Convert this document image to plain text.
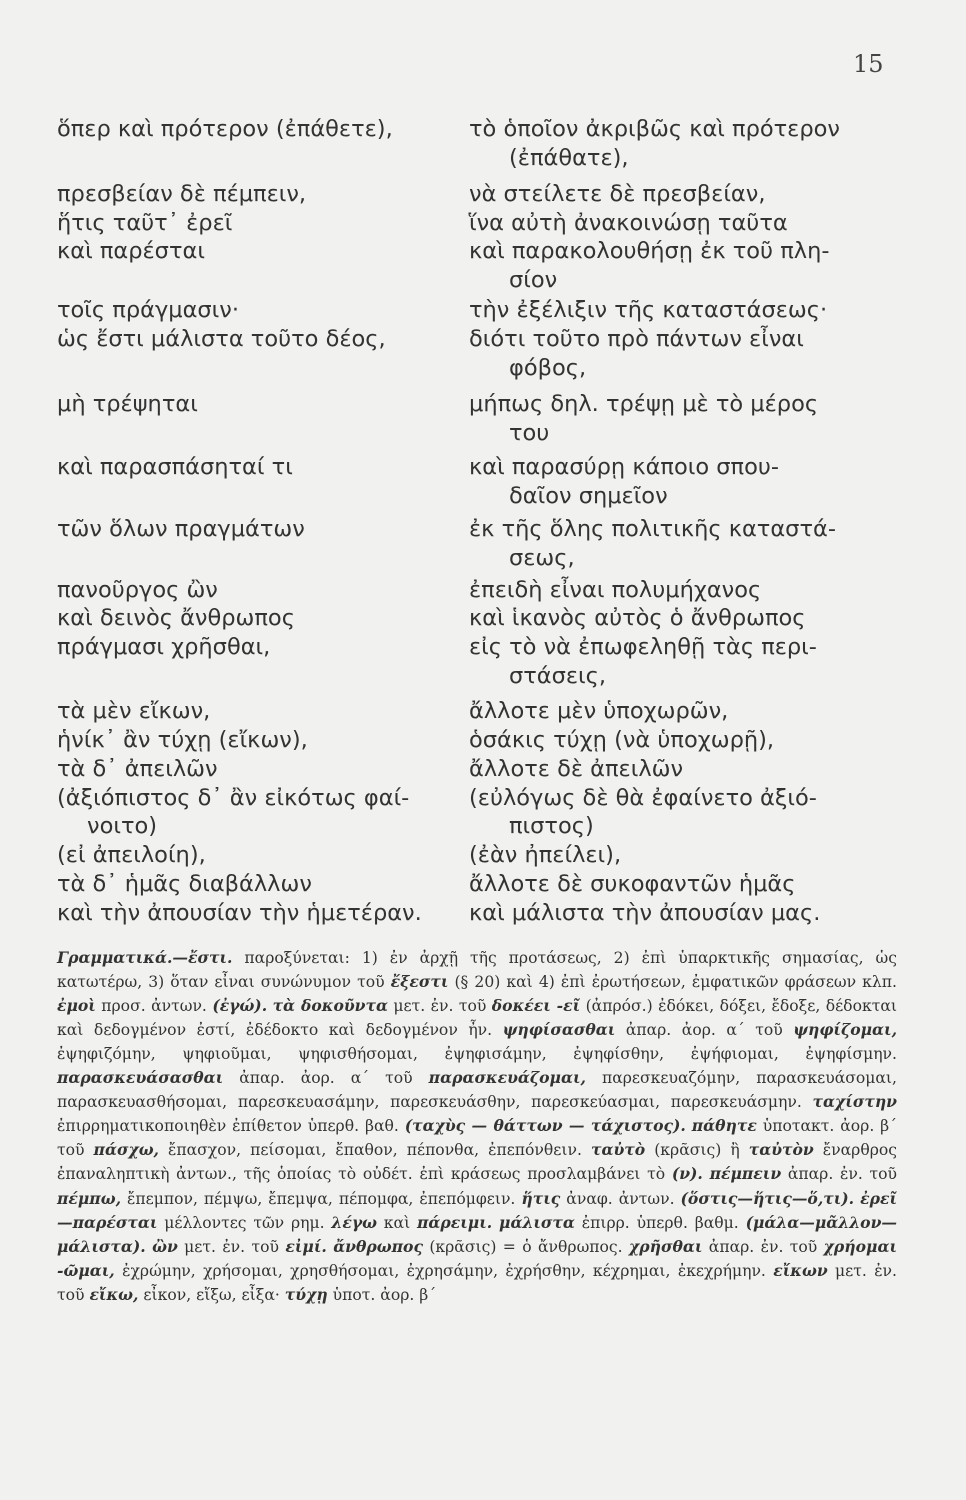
15
ὅπερ καὶ πρότερον (ἐπάθετε),
πρεσβείαν δὲ πέμπειν,
ἥτις ταῦτ᾽ ἐρεῖ
καὶ παρέσται
τοῖς πράγμασιν·
ὡς ἔστι μάλιστα τοῦτο δέος,
μὴ τρέψηται
καὶ παρασπάσηταί τι
τῶν ὅλων πραγμάτων
πανοῦργος ὢν
καὶ δεινὸς ἄνθρωπος
πράγμασι χρῆσθαι,
τὰ μὲν εἴκων,
ἡνίκ᾽ ἂν τύχῃ (εἴκων),
τὰ δ᾽ ἀπειλῶν
(ἀξιόπιστος δ᾽ ἂν εἰκότως φαί-
νοιτο)
(εἰ ἀπειλοίη),
τὰ δ᾽ ἡμᾶς διαβάλλων
καὶ τὴν ἀπουσίαν τὴν ἡμετέραν.
τὸ ὁποῖον ἀκριβῶς καὶ πρότερον
(ἐπάθατε),
νὰ στείλετε δὲ πρεσβείαν,
ἵνα αὐτὴ ἀνακοινώσῃ ταῦτα
καὶ παρακολουθήσῃ ἐκ τοῦ πλη-
σίον
τὴν ἐξέλιξιν τῆς καταστάσεως·
διότι τοῦτο πρὸ πάντων εἶναι
φόβος,
μήπως δηλ. τρέψῃ μὲ τὸ μέρος
του
καὶ παρασύρῃ κάποιο σπου-
δαῖον σημεῖον
ἐκ τῆς ὅλης πολιτικῆς καταστά-
σεως,
ἐπειδὴ εἶναι πολυμήχανος
καὶ ἱκανὸς αὐτὸς ὁ ἄνθρωπος
εἰς τὸ νὰ ἐπωφεληθῇ τὰς περι-
στάσεις,
ἄλλοτε μὲν ὑποχωρῶν,
ὁσάκις τύχῃ (νὰ ὑποχωρῇ),
ἄλλοτε δὲ ἀπειλῶν
(εὐλόγως δὲ θὰ ἐφαίνετο ἀξιό-
πιστος)
(ἐὰν ἠπείλει),
ἄλλοτε δὲ συκοφαντῶν ἡμᾶς
καὶ μάλιστα τὴν ἀπουσίαν μας.

Γραμματικά.—ἔστι. παροξύνεται: 1) ἐν ἀρχῇ τῆς προτάσεως, 2) ἐπὶ ὑπαρκτικῆς σημασίας, ὡς κατωτέρω, 3) ὅταν εἶναι συνώνυμον τοῦ ἔξεστι (§ 20) καὶ 4) ἐπὶ ἐρωτήσεων, ἐμφατικῶν φράσεων κλπ. ἐμοὶ προσ. ἀντων. (ἐγώ). τὰ δοκοῦντα μετ. ἐν. τοῦ δοκέει -εῖ (ἀπρόσ.) ἐδόκει, δόξει, ἔδοξε, δέδοκται καὶ δεδογμένον ἐστί, ἐδέδοκτο καὶ δεδογμένον ἦν. ψηφίσασθαι ἀπαρ. ἀορ. α΄ τοῦ ψηφίζομαι, ἐψηφιζόμην, ψηφιοῦμαι, ψηφισθήσομαι, ἐψηφισάμην, ἐψηφίσθην, ἐψήφιομαι, ἐψηφίσμην. παρασκευάσασθαι ἀπαρ. ἀορ. α΄ τοῦ παρασκευάζομαι, παρεσκευαζόμην, παρασκευάσομαι, παρασκευασθήσομαι, παρεσκευασάμην, παρεσκευάσθην, παρεσκεύασμαι, παρεσκευάσμην. ταχίστην ἐπιρρηματικοποιηθὲν ἐπίθετον ὑπερθ. βαθ. (ταχὺς — θάττων — τάχιστος). πάθητε ὑποτακτ. ἀορ. β΄ τοῦ πάσχω, ἔπασχον, πείσομαι, ἔπαθον, πέπονθα, ἐπεπόνθειν. ταὐτὸ (κρᾶσις) ἢ ταὐτὸν ἔναρθρος ἐπαναληπτικὴ ἀντων., τῆς ὁποίας τὸ οὐδέτ. ἐπὶ κράσεως προσλαμβάνει τὸ (ν). πέμπειν ἀπαρ. ἐν. τοῦ πέμπω, ἔπεμπον, πέμψω, ἔπεμψα, πέπομφα, ἐπεπόμφειν. ἥτις ἀναφ. ἀντων. (ὅστις—ἥτις—ὅ,τι). ἐρεῖ—παρέσται μέλλοντες τῶν ρημ. λέγω καὶ πάρειμι. μάλιστα ἐπιρρ. ὑπερθ. βαθμ. (μάλα—μᾶλλον—μάλιστα). ὢν μετ. ἐν. τοῦ εἰμί. ἄνθρωπος (κρᾶσις) = ὁ ἄνθρωπος. χρῆσθαι ἀπαρ. ἐν. τοῦ χρήομαι -ῶμαι, ἐχρώμην, χρήσομαι, χρησθήσομαι, ἐχρησάμην, ἐχρήσθην, κέχρημαι, ἐκεχρήμην. εἴκων μετ. ἐν. τοῦ εἴκω, εἶκον, εἴξω, εἶξα· τύχῃ ὑποτ. ἀορ. β΄
